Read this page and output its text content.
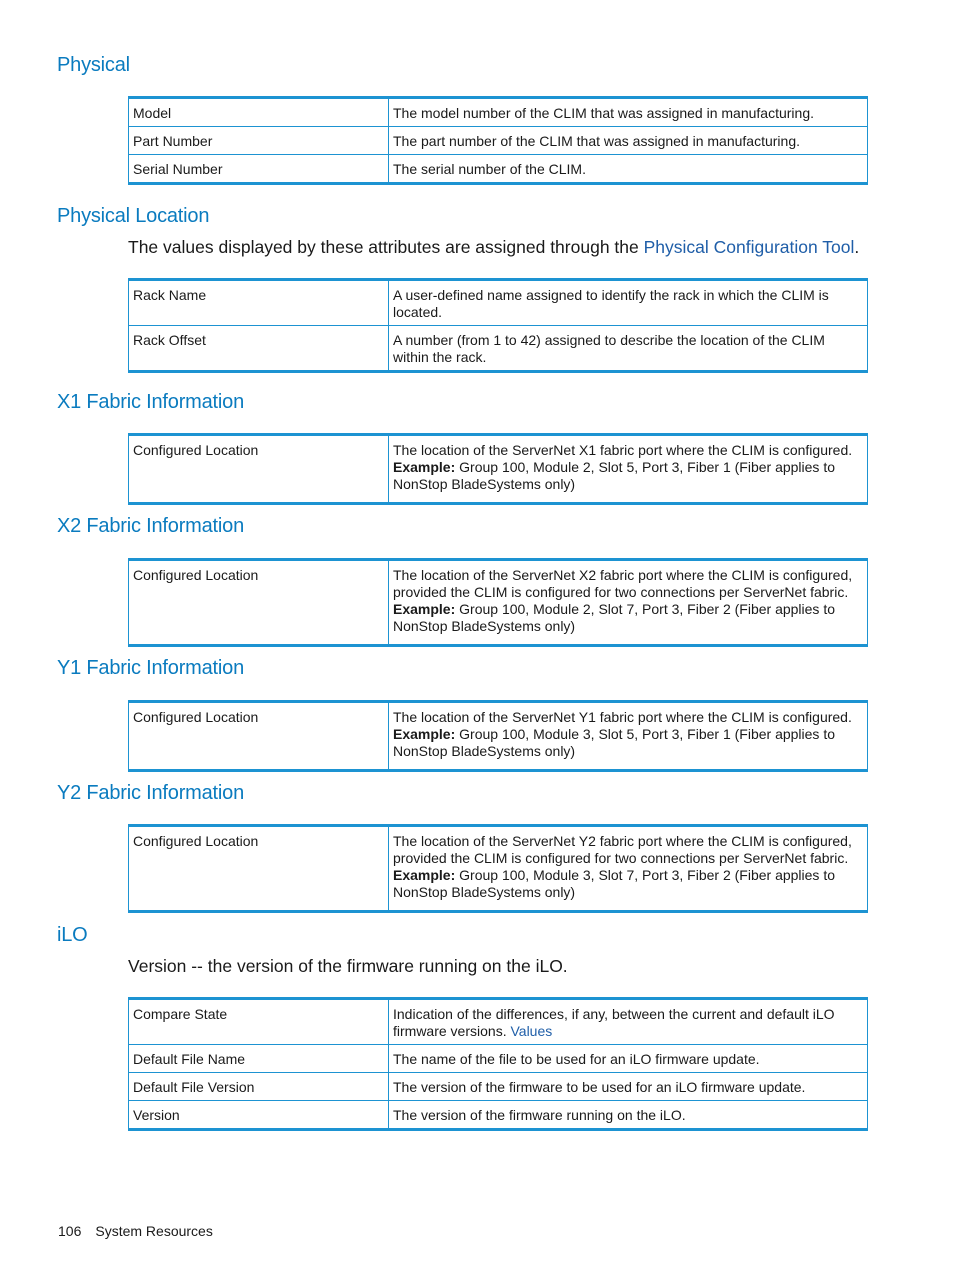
Physical
Model	The model number of the CLIM that was assigned in manufacturing.
Part Number	The part number of the CLIM that was assigned in manufacturing.
Serial Number	The serial number of the CLIM.
Physical Location

The values displayed by these attributes are assigned through the Physical Configuration Tool.

Rack Name	A user-defined name assigned to identify the rack in which the CLIM is located.
Rack Offset	A number (from 1 to 42) assigned to describe the location of the CLIM within the rack.
X1 Fabric Information
Configured Location	The location of the ServerNet X1 fabric port where the CLIM is configured.
Example: Group 100, Module 2, Slot 5, Port 3, Fiber 1 (Fiber applies to NonStop BladeSystems only)
X2 Fabric Information
Configured Location	The location of the ServerNet X2 fabric port where the CLIM is configured, provided the CLIM is configured for two connections per ServerNet fabric.
Example: Group 100, Module 2, Slot 7, Port 3, Fiber 2 (Fiber applies to NonStop BladeSystems only)
Y1 Fabric Information
Configured Location	The location of the ServerNet Y1 fabric port where the CLIM is configured.
Example: Group 100, Module 3, Slot 5, Port 3, Fiber 1 (Fiber applies to NonStop BladeSystems only)
Y2 Fabric Information
Configured Location	The location of the ServerNet Y2 fabric port where the CLIM is configured, provided the CLIM is configured for two connections per ServerNet fabric.
Example: Group 100, Module 3, Slot 7, Port 3, Fiber 2 (Fiber applies to NonStop BladeSystems only)
iLO

Version -- the version of the firmware running on the iLO.

Compare State	Indication of the differences, if any, between the current and default iLO firmware versions. Values
Default File Name	The name of the file to be used for an iLO firmware update.
Default File Version	The version of the firmware to be used for an iLO firmware update.
Version	The version of the firmware running on the iLO.
106 System Resources
